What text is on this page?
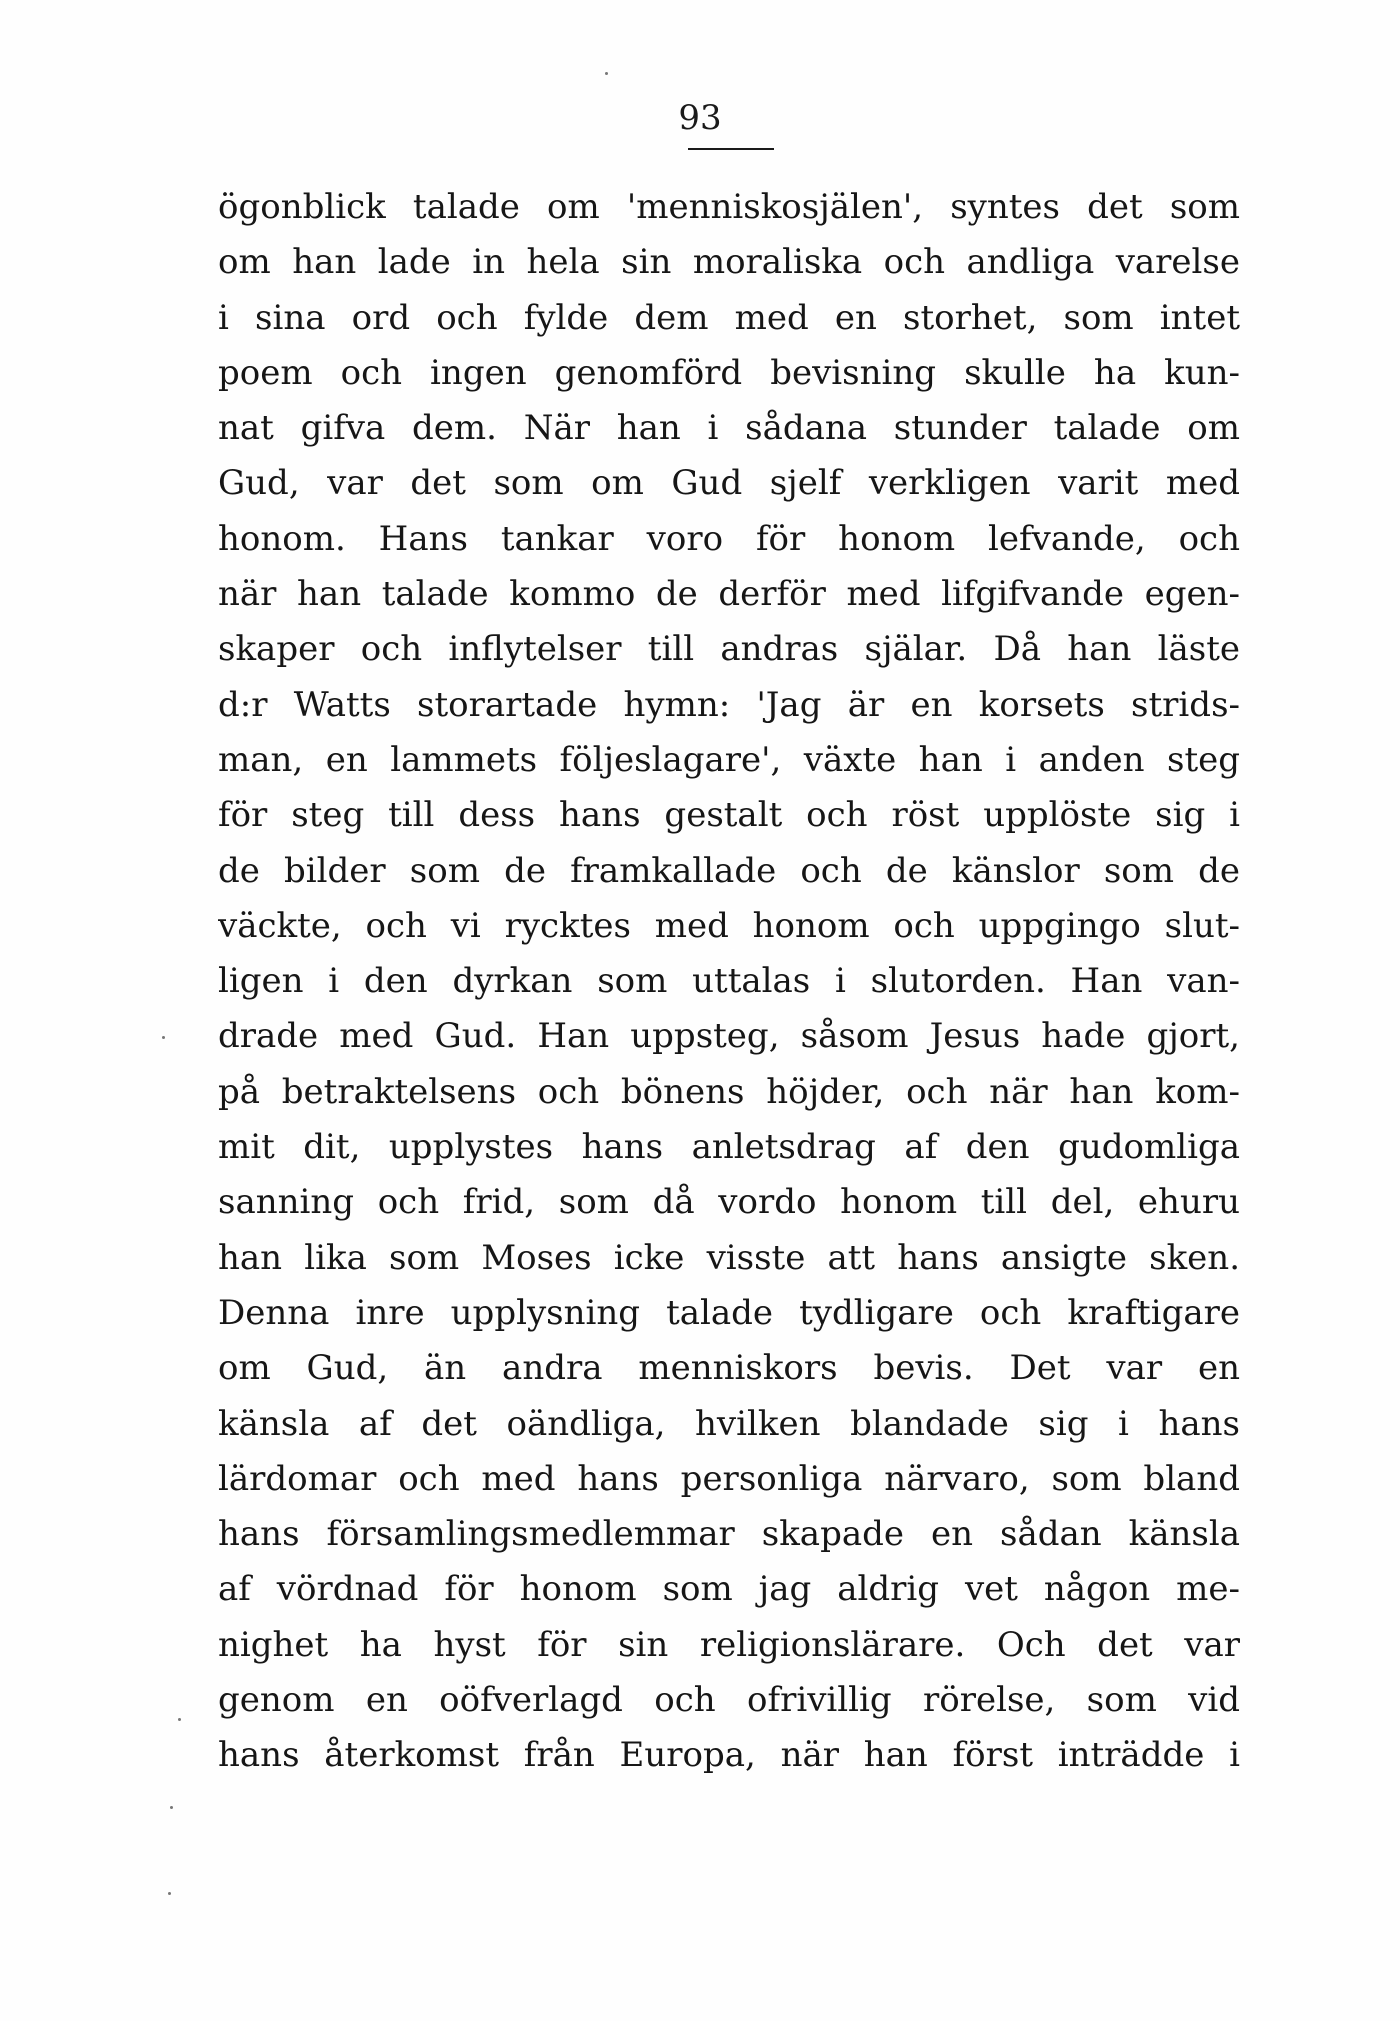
93
ögonblick talade om 'menniskosjälen', syntes det som
om han lade in hela sin moraliska och andliga varelse
i sina ord och fylde dem med en storhet, som intet
poem och ingen genomförd bevisning skulle ha kun-
nat gifva dem. När han i sådana stunder talade om
Gud, var det som om Gud sjelf verkligen varit med
honom. Hans tankar voro för honom lefvande, och
när han talade kommo de derför med lifgifvande egen-
skaper och inflytelser till andras själar. Då han läste
d:r Watts storartade hymn: 'Jag är en korsets strids-
man, en lammets följeslagare', växte han i anden steg
för steg till dess hans gestalt och röst upplöste sig i
de bilder som de framkallade och de känslor som de
väckte, och vi rycktes med honom och uppgingo slut-
ligen i den dyrkan som uttalas i slutorden. Han van-
drade med Gud. Han uppsteg, såsom Jesus hade gjort,
på betraktelsens och bönens höjder, och när han kom-
mit dit, upplystes hans anletsdrag af den gudomliga
sanning och frid, som då vordo honom till del, ehuru
han lika som Moses icke visste att hans ansigte sken.
Denna inre upplysning talade tydligare och kraftigare
om Gud, än andra menniskors bevis. Det var en
känsla af det oändliga, hvilken blandade sig i hans
lärdomar och med hans personliga närvaro, som bland
hans församlingsmedlemmar skapade en sådan känsla
af vördnad för honom som jag aldrig vet någon me-
nighet ha hyst för sin religionslärare. Och det var
genom en oöfverlagd och ofrivillig rörelse, som vid
hans återkomst från Europa, när han först inträdde i
